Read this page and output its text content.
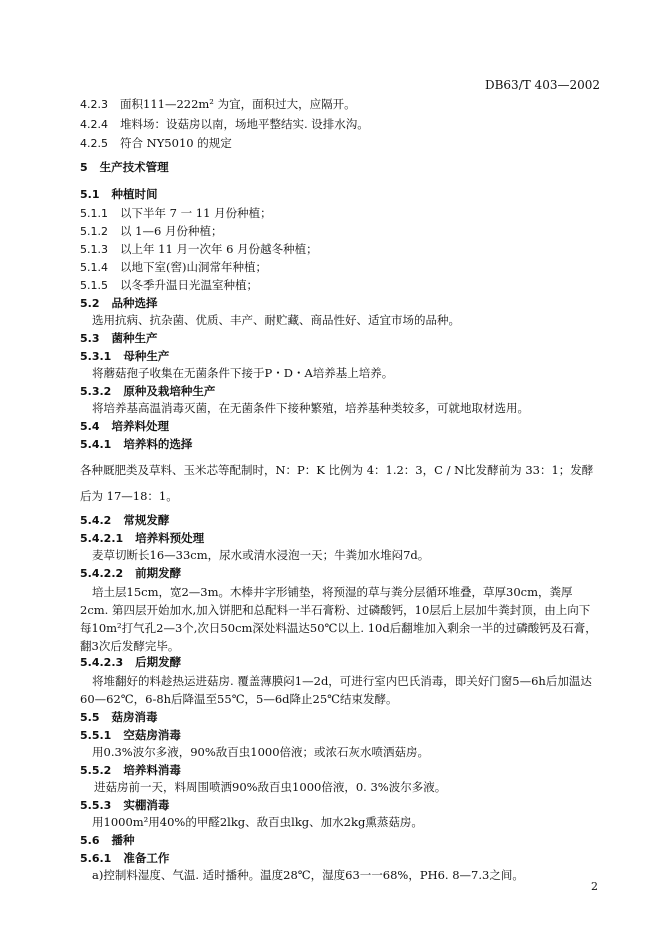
DB63/T 403—2002
4.2.3 面积111—222m² 为宜，面积过大，应隔开。
4.2.4 堆料场：设菇房以南，场地平整结实. 设排水沟。
4.2.5 符合 NY5010 的规定
5 生产技术管理
5.1 种植时间
5.1.1 以下半年 7 一 11 月份种植；
5.1.2 以 1—6 月份种植；
5.1.3 以上年 11 月一次年 6 月份越冬种植；
5.1.4 以地下室(窖)山洞常年种植；
5.1.5 以冬季升温日光温室种植；
5.2 品种选择
选用抗病、抗杂菌、优质、丰产、耐贮藏、商品性好、适宜市场的品种。
5.3 菌种生产
5.3.1 母种生产
将蘑菇孢子收集在无菌条件下接于P・D・A培养基上培养。
5.3.2 原种及栽培种生产
将培养基高温消毒灭菌，在无菌条件下接种繁殖，培养基种类较多，可就地取材选用。
5.4 培养料处理
5.4.1 培养料的选择
各种厩肥类及草料、玉米芯等配制时，N：P：K 比例为 4：1.2：3，C / N比发酵前为 33：1；发酵
后为 17—18：1。
5.4.2 常规发酵
5.4.2.1 培养料预处理
麦草切断长16—33cm，尿水或清水浸泡一天；牛粪加水堆闷7d。
5.4.2.2 前期发酵
培土层15cm，宽2—3m。木棒井字形铺垫，将预湿的草与粪分层循环堆叠，草厚30cm，粪厚2cm. 第四层开始加水,加入饼肥和总配料一半石膏粉、过磷酸钙，10层后上层加牛粪封顶，由上向下每10m²打气孔2—3个,次日50cm深处料温达50℃以上. 10d后翻堆加入剩余一半的过磷酸钙及石膏，翻3次后发酵完毕。
5.4.2.3 后期发酵
将堆翻好的料趁热运进菇房. 覆盖薄膜闷1—2d，可进行室内巴氏消毒，即关好门窗5—6h后加温达60—62℃，6-8h后降温至55℃，5—6d降止25℃结束发酵。
5.5 菇房消毒
5.5.1 空菇房消毒
用0.3%波尔多液，90%敌百虫1000倍液；或浓石灰水喷洒菇房。
5.5.2 培养料消毒
进菇房前一天，料周围喷洒90%敌百虫1000倍液，0. 3%波尔多液。
5.5.3 实棚消毒
用1000m²用40%的甲醛2lkg、敌百虫lkg、加水2kg熏蒸菇房。
5.6 播种
5.6.1 准备工作
a)控制料湿度、气温. 适时播种。温度28℃，湿度63一一68%，PH6. 8—7.3之间。
2
